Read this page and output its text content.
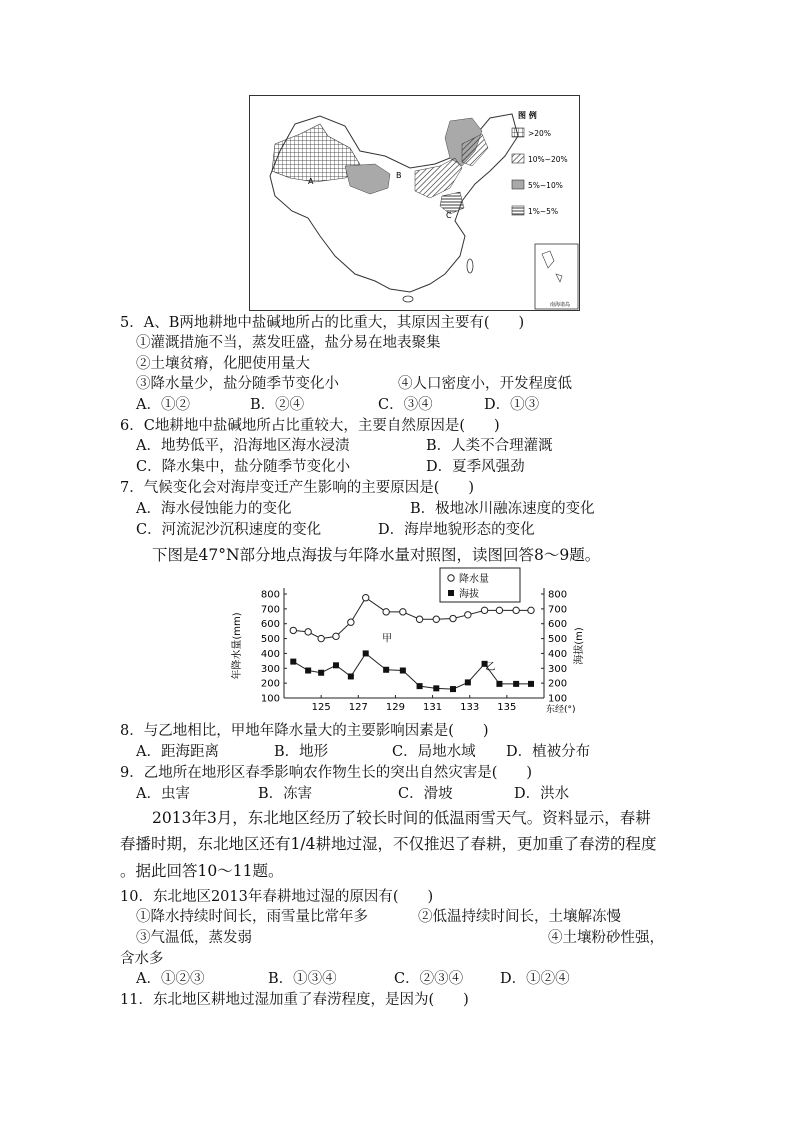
A
B
C
图 例
>20%
10%~20%
5%~10%
1%~5%
南海诸岛
5．A、B两地耕地中盐碱地所占的比重大，其原因主要有(　　)
①灌溉措施不当，蒸发旺盛，盐分易在地表聚集
②土壤贫瘠，化肥使用量大
③降水量少，盐分随季节变化小	④人口密度小，开发程度低
A．①②	B．②④	C．③④	D．①③
6．C地耕地中盐碱地所占比重较大，主要自然原因是(　　)
A．地势低平，沿海地区海水浸渍	B．人类不合理灌溉
C．降水集中，盐分随季节变化小	D．夏季风强劲
7．气候变化会对海岸变迁产生影响的主要原因是(　　)
A．海水侵蚀能力的变化	B．极地冰川融冻速度的变化
C．河流泥沙沉积速度的变化	D．海岸地貌形态的变化
下图是47°N部分地点海拔与年降水量对照图，读图回答8～9题。
800	800
700	700
600	600
500	500
400	400
300	300
200	200
100	100
125 127 129 131 133 135	东经(°)
年降水量(mm)	海拔(m)
甲
乙
降水量
海拔
8．与乙地相比，甲地年降水量大的主要影响因素是(　　)
A．距海距离	B．地形	C．局地水域 D．植被分布
9．乙地所在地形区春季影响农作物生长的突出自然灾害是(　　)
A．虫害	B．冻害	C．滑坡	D．洪水
2013年3月，东北地区经历了较长时间的低温雨雪天气。资料显示，春耕
春播时期，东北地区还有1/4耕地过湿，不仅推迟了春耕，更加重了春涝的程度
。据此回答10～11题。
10．东北地区2013年春耕地过湿的原因有(　　)
①降水持续时间长，雨雪量比常年多	②低温持续时间长，土壤解冻慢
③气温低，蒸发弱	④土壤粉砂性强，
含水多
A．①②③	B．①③④	C．②③④	D．①②④
11．东北地区耕地过湿加重了春涝程度，是因为(　　)
